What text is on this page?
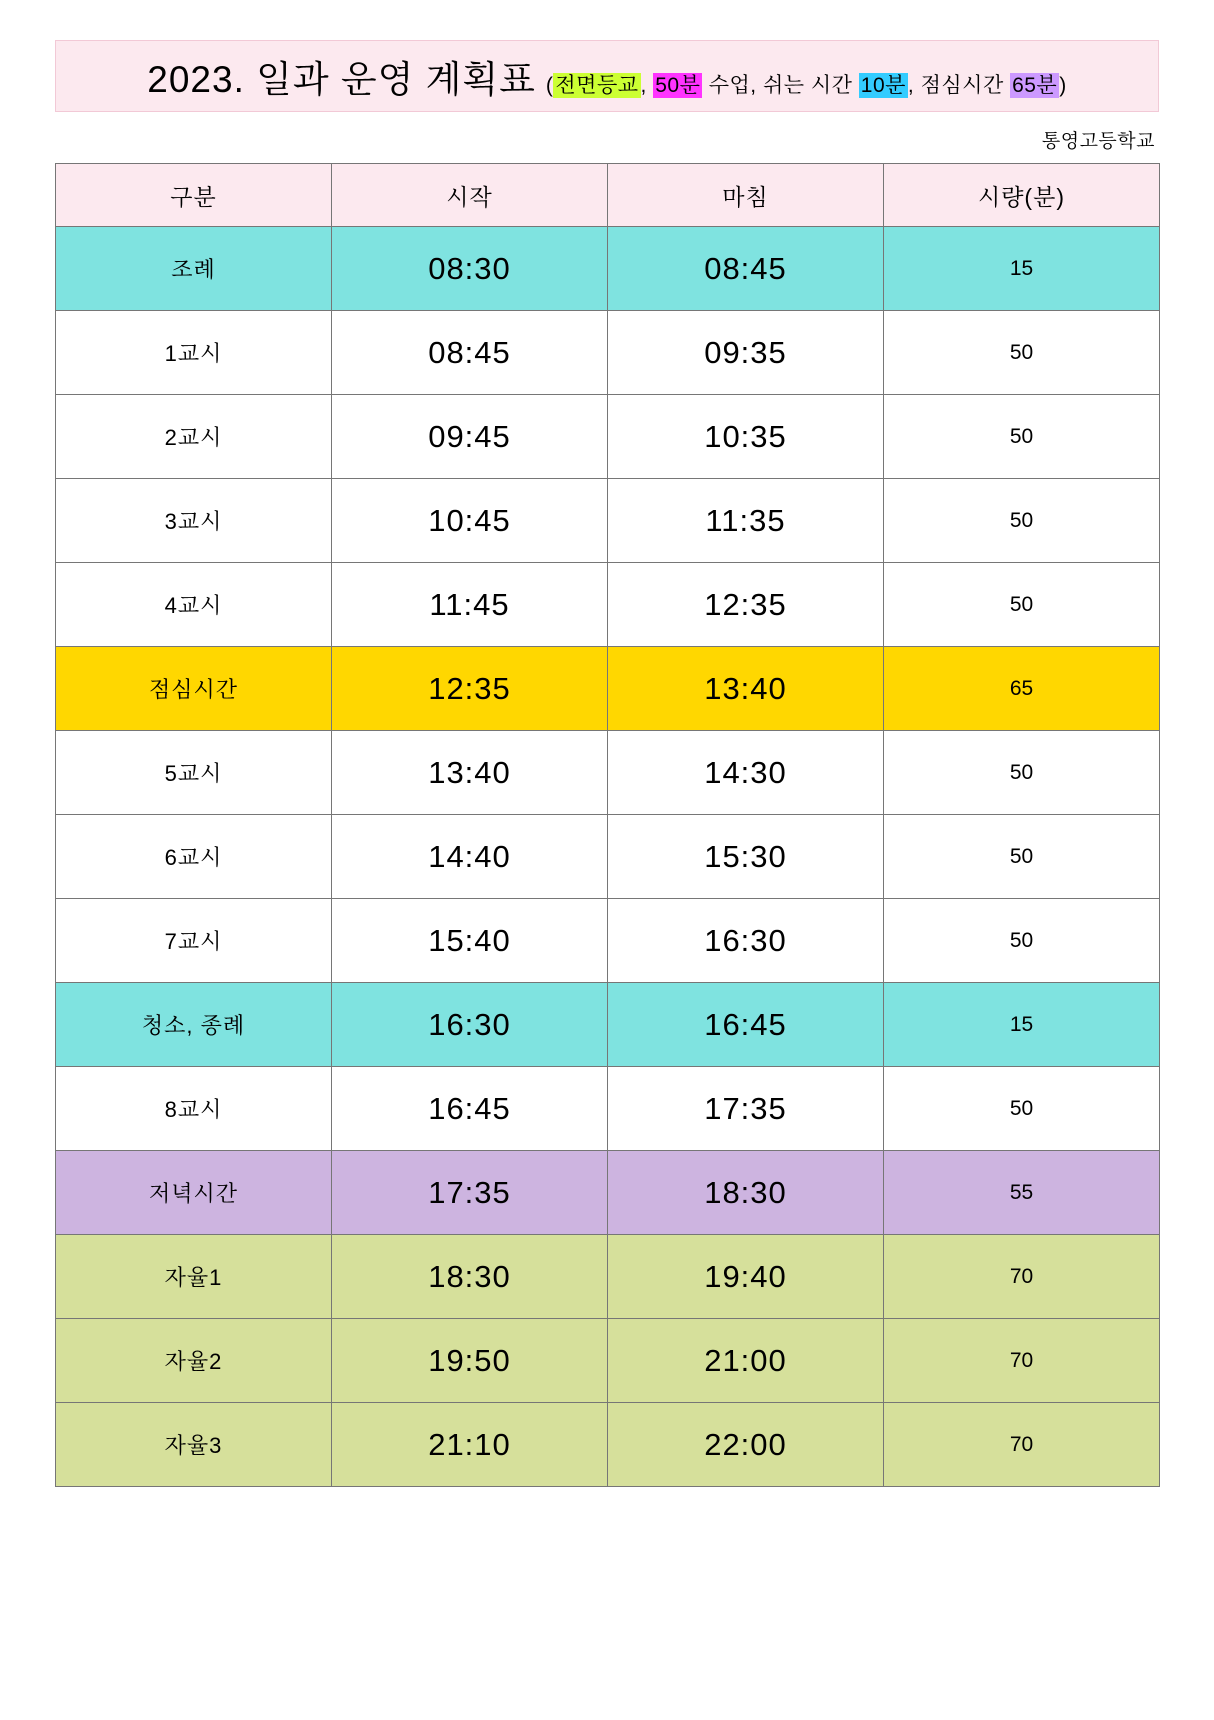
2023. 일과 운영 계획표 (전면등교, 50분 수업, 쉬는 시간 10분, 점심시간 65분)
통영고등학교
구분	시작	마침	시량(분)
조례	08:30	08:45	15
1교시	08:45	09:35	50
2교시	09:45	10:35	50
3교시	10:45	11:35	50
4교시	11:45	12:35	50
점심시간	12:35	13:40	65
5교시	13:40	14:30	50
6교시	14:40	15:30	50
7교시	15:40	16:30	50
청소, 종례	16:30	16:45	15
8교시	16:45	17:35	50
저녁시간	17:35	18:30	55
자율1	18:30	19:40	70
자율2	19:50	21:00	70
자율3	21:10	22:00	70
